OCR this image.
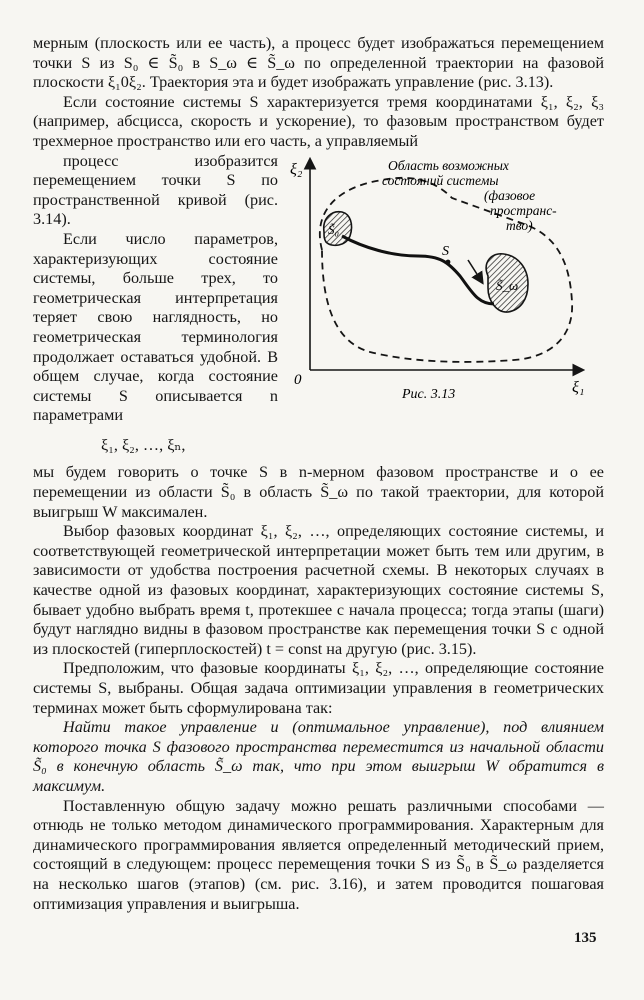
мерным (плоскость или ее часть), а процесс будет изображаться перемещением точки S из S₀ ∈ S̃₀ в S_ω ∈ S̃_ω по определенной траектории на фазовой плоскости ξ₁0ξ₂. Траектория эта и будет изображать управление (рис. 3.13).

Если состояние системы S характеризуется тремя координатами ξ₁, ξ₂, ξ₃ (например, абсцисса, скорость и ускорение), то фазовым пространством будет трехмерное пространство или его часть, а управляемый

процесс изобразится перемещением точки S по пространственной кривой (рис. 3.14).

Если число параметров, характеризующих состояние системы, больше трех, то геометрическая интерпретация теряет свою наглядность, но геометрическая терминология продолжает оставаться удобной. В общем случае, когда состояние системы S описывается n параметрами

ξ₁, ξ₂, …, ξₙ,

ξ₂
ξ₁
0
Область возможных
состояний системы
(фазовое
пространс-
тво)
S̃₀
S̃_ω
S
Рис. 3.13

мы будем говорить о точке S в n-мерном фазовом пространстве и о ее перемещении из области S̃₀ в область S̃_ω по такой траектории, для которой выигрыш W максимален.

Выбор фазовых координат ξ₁, ξ₂, …, определяющих состояние системы, и соответствующей геометрической интерпретации может быть тем или другим, в зависимости от удобства построения расчетной схемы. В некоторых случаях в качестве одной из фазовых координат, характеризующих состояние системы S, бывает удобно выбрать время t, протекшее с начала процесса; тогда этапы (шаги) будут наглядно видны в фазовом пространстве как перемещения точки S с одной из плоскостей (гиперплоскостей) t = const на другую (рис. 3.15).

Предположим, что фазовые координаты ξ₁, ξ₂, …, определяющие состояние системы S, выбраны. Общая задача оптимизации управления в геометрических терминах может быть сформулирована так:

Найти такое управление u (оптимальное управление), под влиянием которого точка S фазового пространства переместится из начальной области S̃₀ в конечную область S̃_ω так, что при этом выигрыш W обратится в максимум.

Поставленную общую задачу можно решать различными способами — отнюдь не только методом динамического программирования. Характерным для динамического программирования является определенный методический прием, состоящий в следующем: процесс перемещения точки S из S̃₀ в S̃_ω разделяется на несколько шагов (этапов) (см. рис. 3.16), и затем проводится пошаговая оптимизация управления и выигрыша.

135
